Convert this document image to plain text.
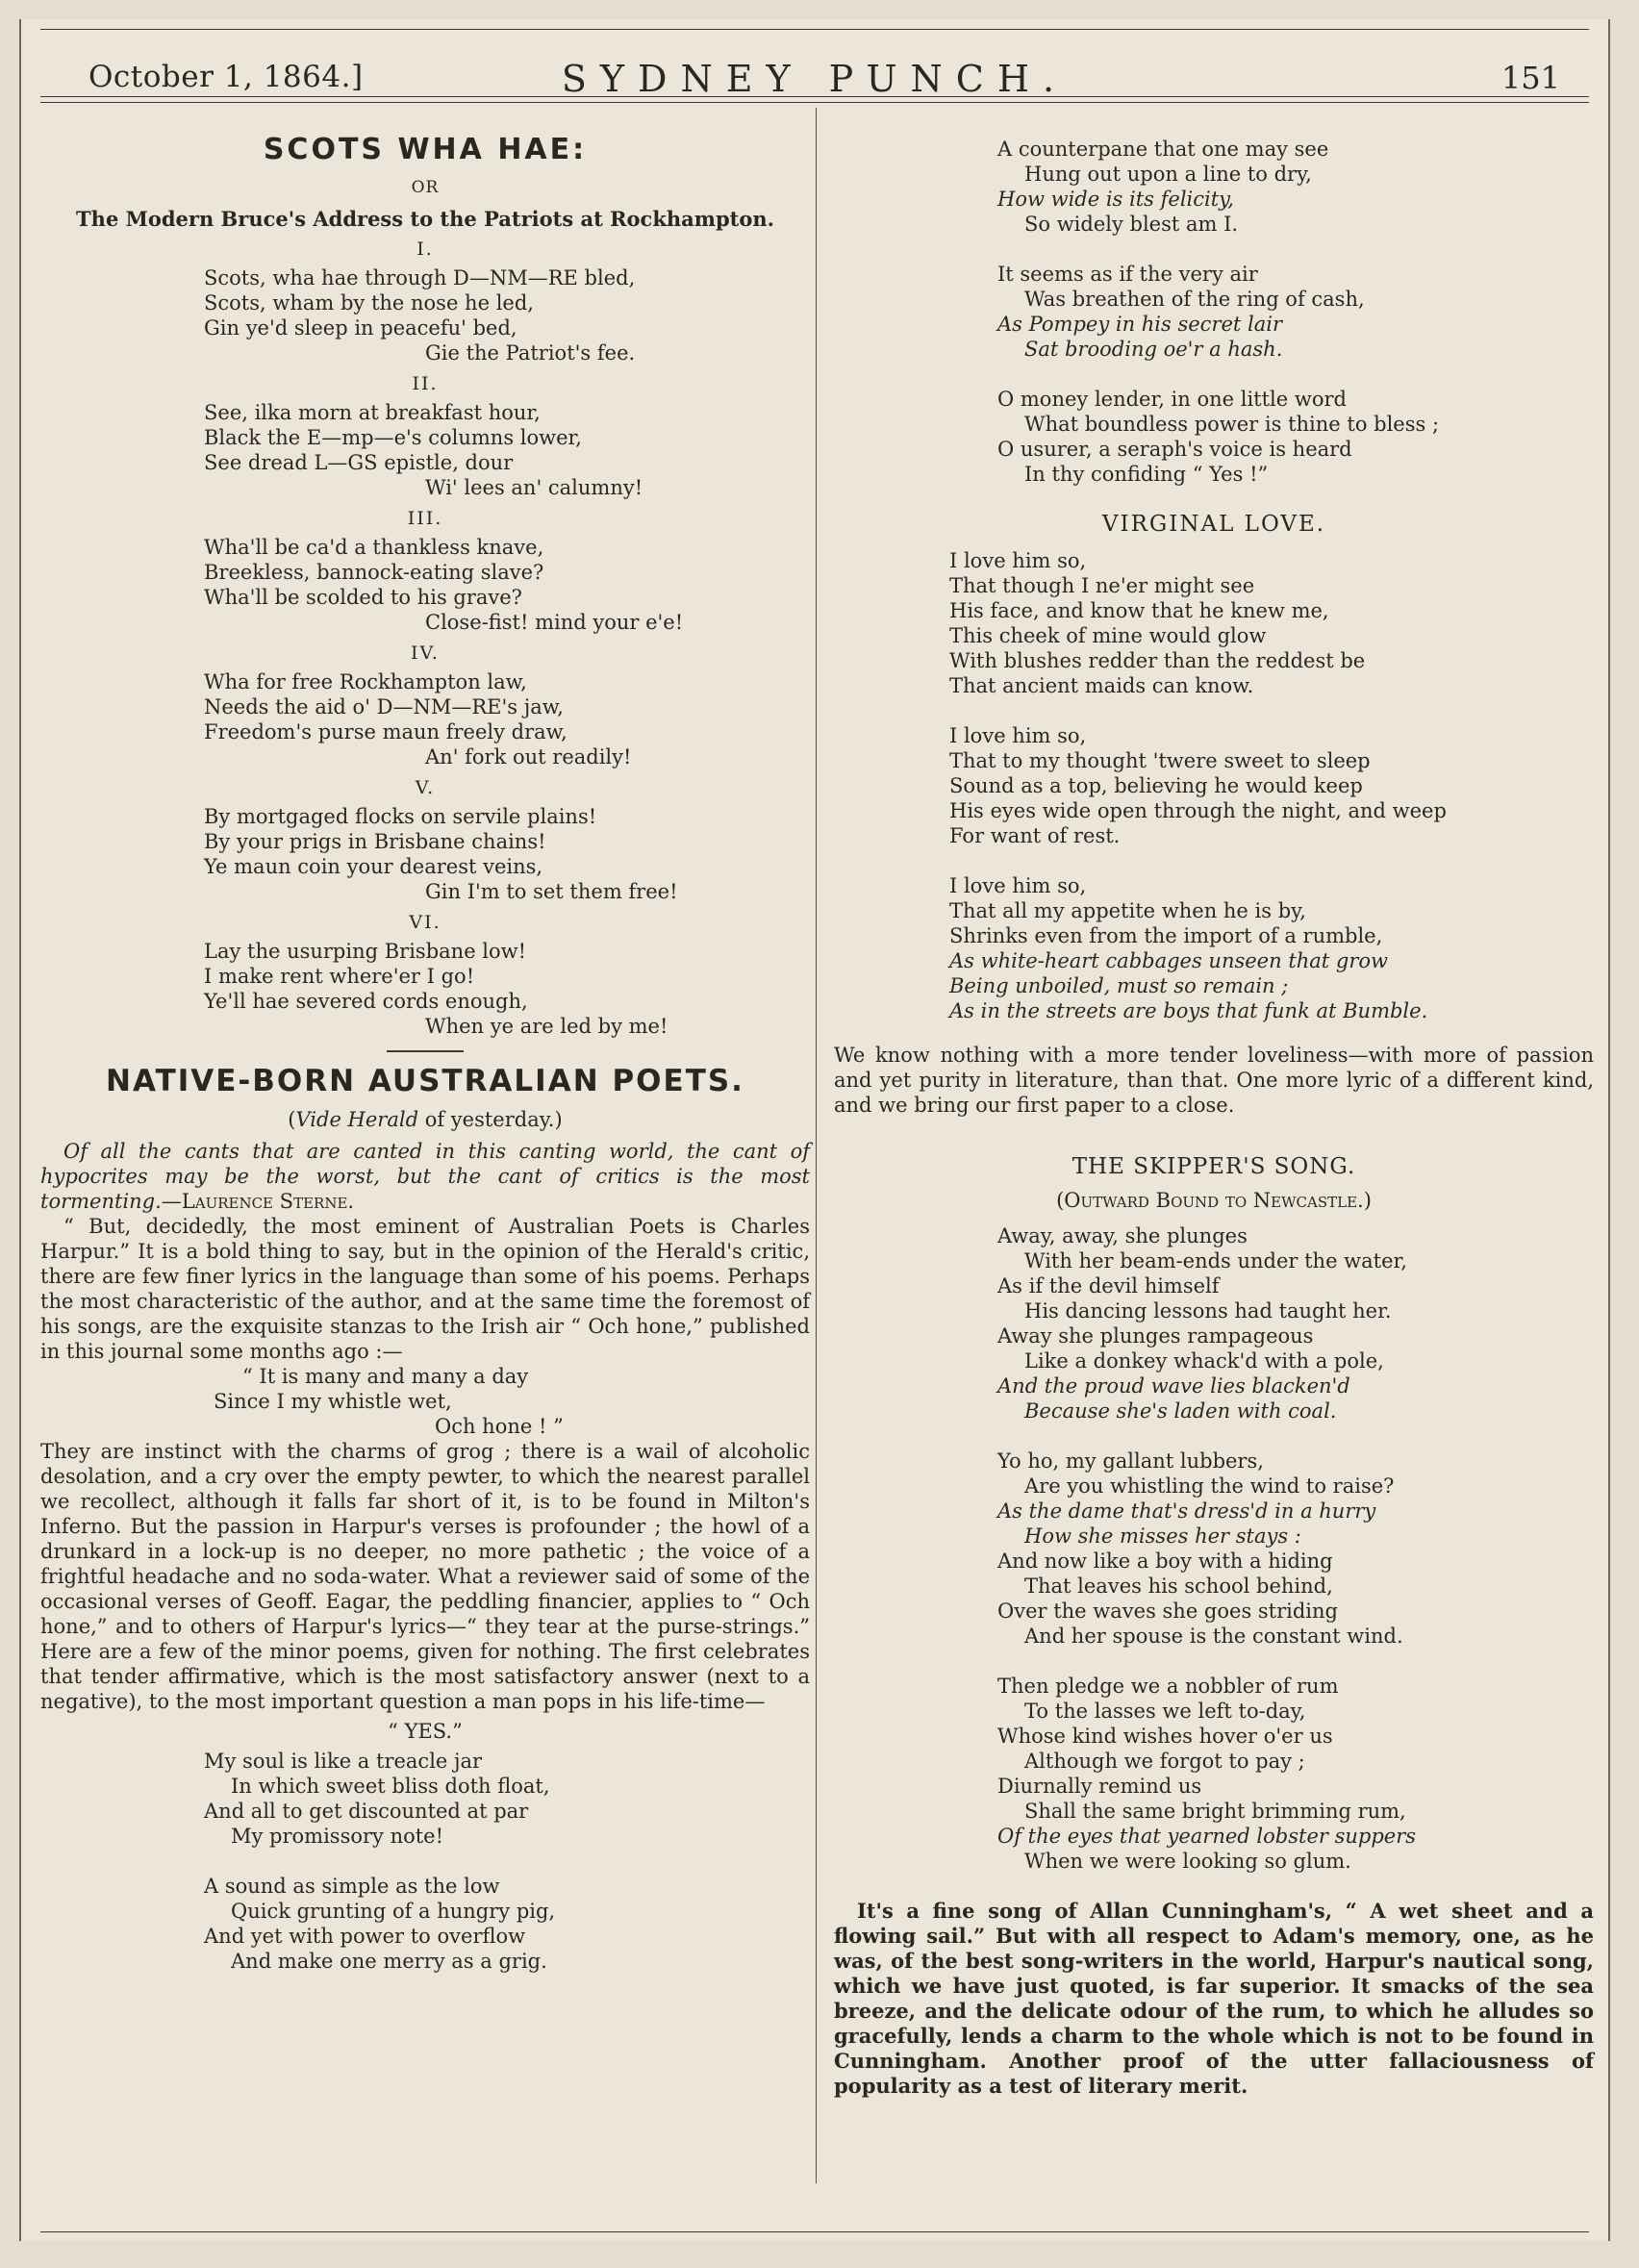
October 1, 1864.]	SYDNEY PUNCH.	151
SCOTS WHA HAE:
OR
The Modern Bruce's Address to the Patriots at Rockhampton.
I.
Scots, wha hae through D—NM—RE bled,
Scots, wham by the nose he led,
Gin ye'd sleep in peacefu' bed,
Gie the Patriot's fee.
II.
See, ilka morn at breakfast hour,
Black the E—mp—e's columns lower,
See dread L—GS epistle, dour
Wi' lees an' calumny!
III.
Wha'll be ca'd a thankless knave,
Breekless, bannock-eating slave?
Wha'll be scolded to his grave?
Close-fist! mind your e'e!
IV.
Wha for free Rockhampton law,
Needs the aid o' D—NM—RE's jaw,
Freedom's purse maun freely draw,
An' fork out readily!
V.
By mortgaged flocks on servile plains!
By your prigs in Brisbane chains!
Ye maun coin your dearest veins,
Gin I'm to set them free!
VI.
Lay the usurping Brisbane low!
I make rent where'er I go!
Ye'll hae severed cords enough,
When ye are led by me!
NATIVE-BORN AUSTRALIAN POETS.
(Vide Herald of yesterday.)

Of all the cants that are canted in this canting world, the cant of hypocrites may be the worst, but the cant of critics is the most tormenting.—Laurence Sterne.

“ But, decidedly, the most eminent of Australian Poets is Charles Harpur.” It is a bold thing to say, but in the opinion of the Herald's critic, there are few finer lyrics in the language than some of his poems. Perhaps the most characteristic of the author, and at the same time the foremost of his songs, are the exquisite stanzas to the Irish air “ Och hone,” published in this journal some months ago :—

“ It is many and many a day
Since I my whistle wet,
Och hone ! ”

They are instinct with the charms of grog ; there is a wail of alcoholic desolation, and a cry over the empty pewter, to which the nearest parallel we recollect, although it falls far short of it, is to be found in Milton's Inferno. But the passion in Harpur's verses is profounder ; the howl of a drunkard in a lock-up is no deeper, no more pathetic ; the voice of a frightful headache and no soda-water. What a reviewer said of some of the occasional verses of Geoff. Eagar, the peddling financier, applies to “ Och hone,” and to others of Harpur's lyrics—“ they tear at the purse-strings.” Here are a few of the minor poems, given for nothing. The first celebrates that tender affirmative, which is the most satisfactory answer (next to a negative), to the most important question a man pops in his life-time—

“ YES.”
My soul is like a treacle jar
In which sweet bliss doth float,
And all to get discounted at par
My promissory note!
A sound as simple as the low
Quick grunting of a hungry pig,
And yet with power to overflow
And make one merry as a grig.
A counterpane that one may see
Hung out upon a line to dry,
How wide is its felicity,
So widely blest am I.
It seems as if the very air
Was breathen of the ring of cash,
As Pompey in his secret lair
Sat brooding oe'r a hash.
O money lender, in one little word
What boundless power is thine to bless ;
O usurer, a seraph's voice is heard
In thy confiding “ Yes !”
VIRGINAL LOVE.
I love him so,
That though I ne'er might see
His face, and know that he knew me,
This cheek of mine would glow
With blushes redder than the reddest be
That ancient maids can know.
I love him so,
That to my thought 'twere sweet to sleep
Sound as a top, believing he would keep
His eyes wide open through the night, and weep
For want of rest.
I love him so,
That all my appetite when he is by,
Shrinks even from the import of a rumble,
As white-heart cabbages unseen that grow
Being unboiled, must so remain ;
As in the streets are boys that funk at Bumble.

We know nothing with a more tender loveliness—with more of passion and yet purity in literature, than that. One more lyric of a different kind, and we bring our first paper to a close.

THE SKIPPER'S SONG.
(Outward Bound to Newcastle.)
Away, away, she plunges
With her beam-ends under the water,
As if the devil himself
His dancing lessons had taught her.
Away she plunges rampageous
Like a donkey whack'd with a pole,
And the proud wave lies blacken'd
Because she's laden with coal.
Yo ho, my gallant lubbers,
Are you whistling the wind to raise?
As the dame that's dress'd in a hurry
How she misses her stays :
And now like a boy with a hiding
That leaves his school behind,
Over the waves she goes striding
And her spouse is the constant wind.
Then pledge we a nobbler of rum
To the lasses we left to-day,
Whose kind wishes hover o'er us
Although we forgot to pay ;
Diurnally remind us
Shall the same bright brimming rum,
Of the eyes that yearned lobster suppers
When we were looking so glum.

It's a fine song of Allan Cunningham's, “ A wet sheet and a flowing sail.” But with all respect to Adam's memory, one, as he was, of the best song-writers in the world, Harpur's nautical song, which we have just quoted, is far superior. It smacks of the sea breeze, and the delicate odour of the rum, to which he alludes so gracefully, lends a charm to the whole which is not to be found in Cunningham. Another proof of the utter fallaciousness of popularity as a test of literary merit.
